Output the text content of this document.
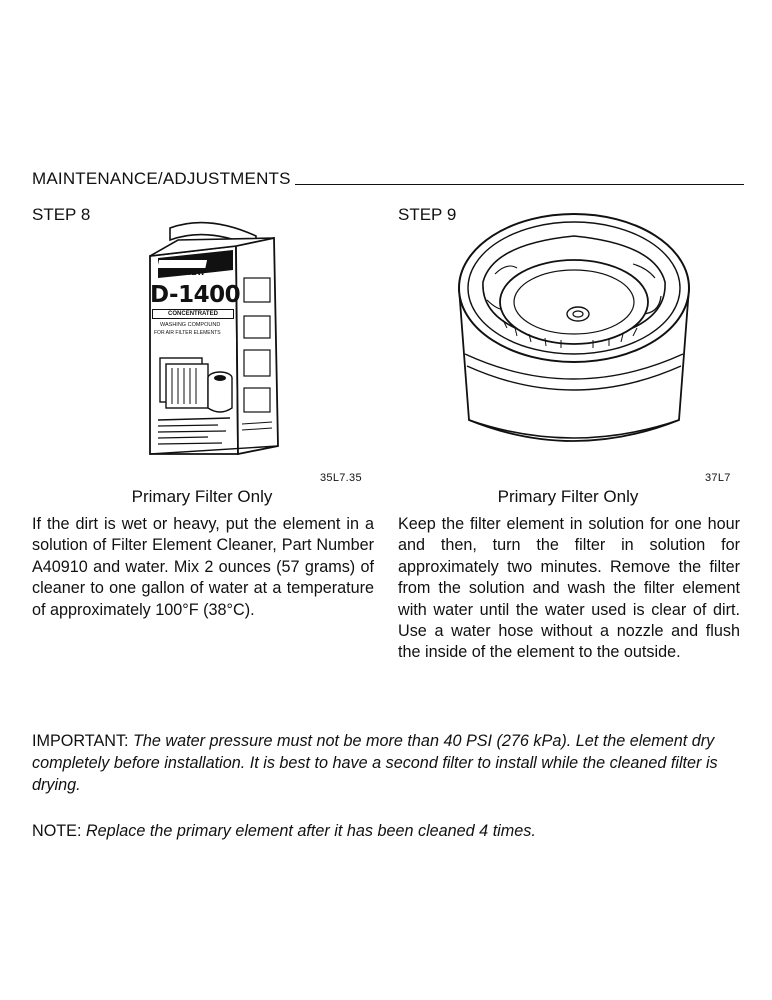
MAINTENANCE/ADJUSTMENTS
STEP 8
NEW
D-1400
CONCENTRATED
WASHING COMPOUND
FOR AIR FILTER ELEMENTS
35L7.35
Primary Filter Only
If the dirt is wet or heavy, put the element in a solution of Filter Element Cleaner, Part Number A40910 and water. Mix 2 ounces (57 grams) of cleaner to one gallon of water at a temperature of approximately 100°F (38°C).
STEP 9
37L7
Primary Filter Only
Keep the filter element in solution for one hour and then, turn the filter in solution for approximately two minutes. Remove the filter from the solution and wash the filter element with water until the water used is clear of dirt. Use a water hose without a nozzle and flush the inside of the element to the outside.
IMPORTANT: The water pressure must not be more than 40 PSI (276 kPa). Let the element dry completely before installation. It is best to have a second filter to install while the cleaned filter is drying.
NOTE: Replace the primary element after it has been cleaned 4 times.
